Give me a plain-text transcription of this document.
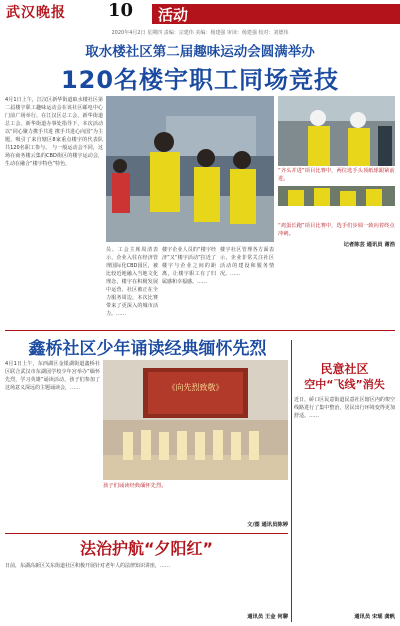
武汉晚报 10 活动
2020年4月2日 星期四 责编：宗建伟 美编：杨建强 审读：杨建强 校对：刘德伟
取水楼社区第二届趣味运动会圆满举办
120名楼宇职工同场竞技
4月1日上午，江汉区新华街道取水楼社区第二届楼宇职工趣味运动会在该社区邮电中心门前广场举行。在江汉区总工会、新华街道总工会、新华街道办事处指导下，本次活动以“同心聚力携手共进 携手共进心向国”为主题，吸引了来自辖区8家重点楼宇的代表队共120名职工参与。 与一般运动会不同，这场在商务楼云集的CBD街区的楼宇运动会，生动在融合“楼宇特色”特色，
“齐头并进”项目比赛中，两位选手头顶纸球跟紧前进。
“鸡蛋长跑”项目比赛中，选手们步调一致向着终点冲刺。
记者陈芸 通讯员 谢浩
员、工会主席周清表示，企业入驻在经济管理国际化CBD园区，被比较近地融入当地文化理念，楼宇在积极发展中运营，社区被正在全力服务周边，本次比赛带来了更深入的城市活力。……
楼宇企业人员的“楼宇经济”又“楼宇活动”拉近了楼宇与企业之间的距离，让楼宇职工有了归属感和幸福感。……
楼宇社区管理各方面表示，企业非常关注社区活动的建设和服务情况。……
鑫桥社区少年诵读经典缅怀先烈
4月1日上午，东西湖区金银湖街道鑫桥社区联合武汉市东湖园学校少年宫举办“缅怀先烈，学习英雄”诵读活动，孩子们参加了这场意义深远的主题诵读会，……	《向先烈致敬》
孩子们诵读经典缅怀先烈。
文/图 通讯员陈婷
民意社区
空中“飞线”消失
近日，硚口区民意街道民意社区辖区内的架空线路进行了集中整治，居民出行环境变得更加舒适。……
通讯员 宋瑶 龚帆
法治护航“夕阳红”
日前，东湖高新区关东街道社区积极开展针对老年人的法律知识讲座，……
通讯员 王金 何聊
